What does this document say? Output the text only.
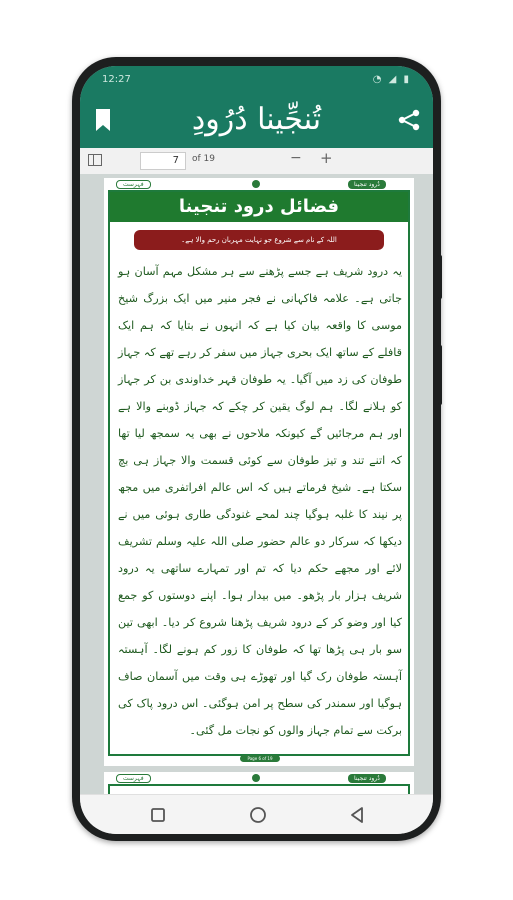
12:27	◔ ◢ ▮
تُنجِّینا دُرُودِ
7	of 19	− +
دُرود تنجینا
فہرست
فضائل درود تنجینا
اللہ کے نام سے شروع جو نہایت مہربان رحم والا ہے۔
یہ درود شریف ہے جسے پڑھنے سے ہر مشکل مہم آسان ہو جاتی ہے۔ علامہ فاکہانی نے فجر منیر میں ایک بزرگ شیخ موسی کا واقعہ بیان کیا ہے کہ انہوں نے بتایا کہ ہم ایک قافلے کے ساتھ ایک بحری جہاز میں سفر کر رہے تھے کہ جہاز طوفان کی زد میں آگیا۔ یہ طوفان قہر خداوندی بن کر جہاز کو ہلانے لگا۔ ہم لوگ یقین کر چکے کہ جہاز ڈوبنے والا ہے اور ہم مرجائیں گے کیونکہ ملاحوں نے بھی یہ سمجھ لیا تھا کہ اتنے تند و تیز طوفان سے کوئی قسمت والا جہاز ہی بچ سکتا ہے۔ شیخ فرماتے ہیں کہ اس عالم افراتفری میں مجھ پر نیند کا غلبہ ہوگیا چند لمحے غنودگی طاری ہوئی میں نے دیکھا کہ سرکار دو عالم حضور صلی اللہ علیہ وسلم تشریف لائے اور مجھے حکم دیا کہ تم اور تمہارے ساتھی یہ درود شریف ہزار بار پڑھو۔ میں بیدار ہوا۔ اپنے دوستوں کو جمع کیا اور وضو کر کے درود شریف پڑھنا شروع کر دیا۔ ابھی تین سو بار ہی پڑھا تھا کہ طوفان کا زور کم ہونے لگا۔ آہستہ آہستہ طوفان رک گیا اور تھوڑے ہی وقت میں آسمان صاف ہوگیا اور سمندر کی سطح پر امن ہوگئی۔ اس درود پاک کی برکت سے تمام جہاز والوں کو نجات مل گئی۔
Page 6 of 19
دُرود تنجینا
فہرست
